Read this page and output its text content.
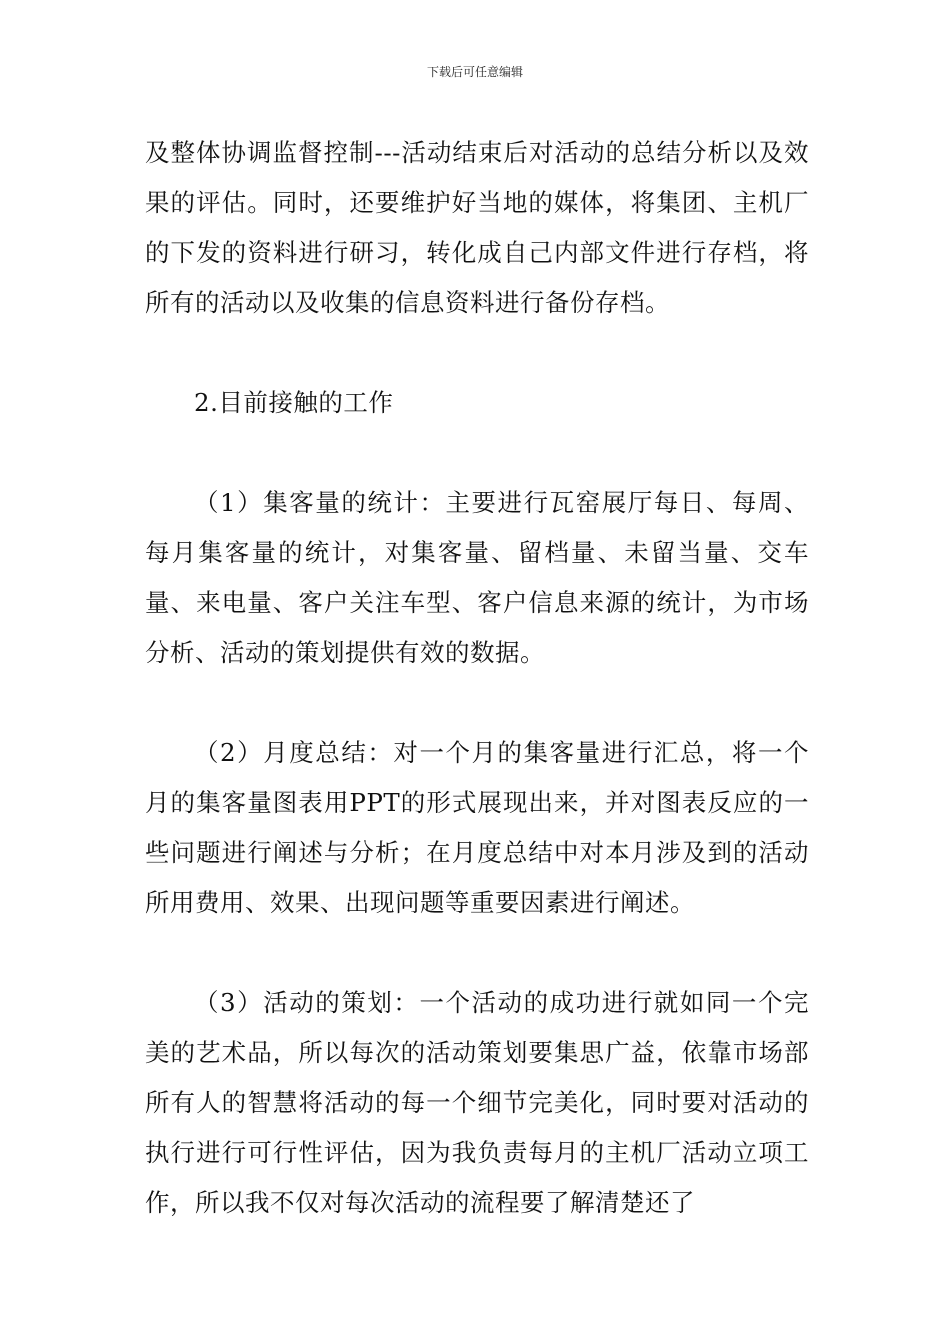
下载后可任意编辑

及整体协调监督控制---活动结束后对活动的总结分析以及效果的评估。同时，还要维护好当地的媒体，将集团、主机厂的下发的资料进行研习，转化成自己内部文件进行存档，将所有的活动以及收集的信息资料进行备份存档。

2.目前接触的工作

（1）集客量的统计：主要进行瓦窑展厅每日、每周、每月集客量的统计，对集客量、留档量、未留当量、交车量、来电量、客户关注车型、客户信息来源的统计，为市场分析、活动的策划提供有效的数据。

（2）月度总结：对一个月的集客量进行汇总，将一个月的集客量图表用PPT的形式展现出来，并对图表反应的一些问题进行阐述与分析；在月度总结中对本月涉及到的活动所用费用、效果、出现问题等重要因素进行阐述。

（3）活动的策划：一个活动的成功进行就如同一个完美的艺术品，所以每次的活动策划要集思广益，依靠市场部所有人的智慧将活动的每一个细节完美化，同时要对活动的执行进行可行性评估，因为我负责每月的主机厂活动立项工作，所以我不仅对每次活动的流程要了解清楚还了
